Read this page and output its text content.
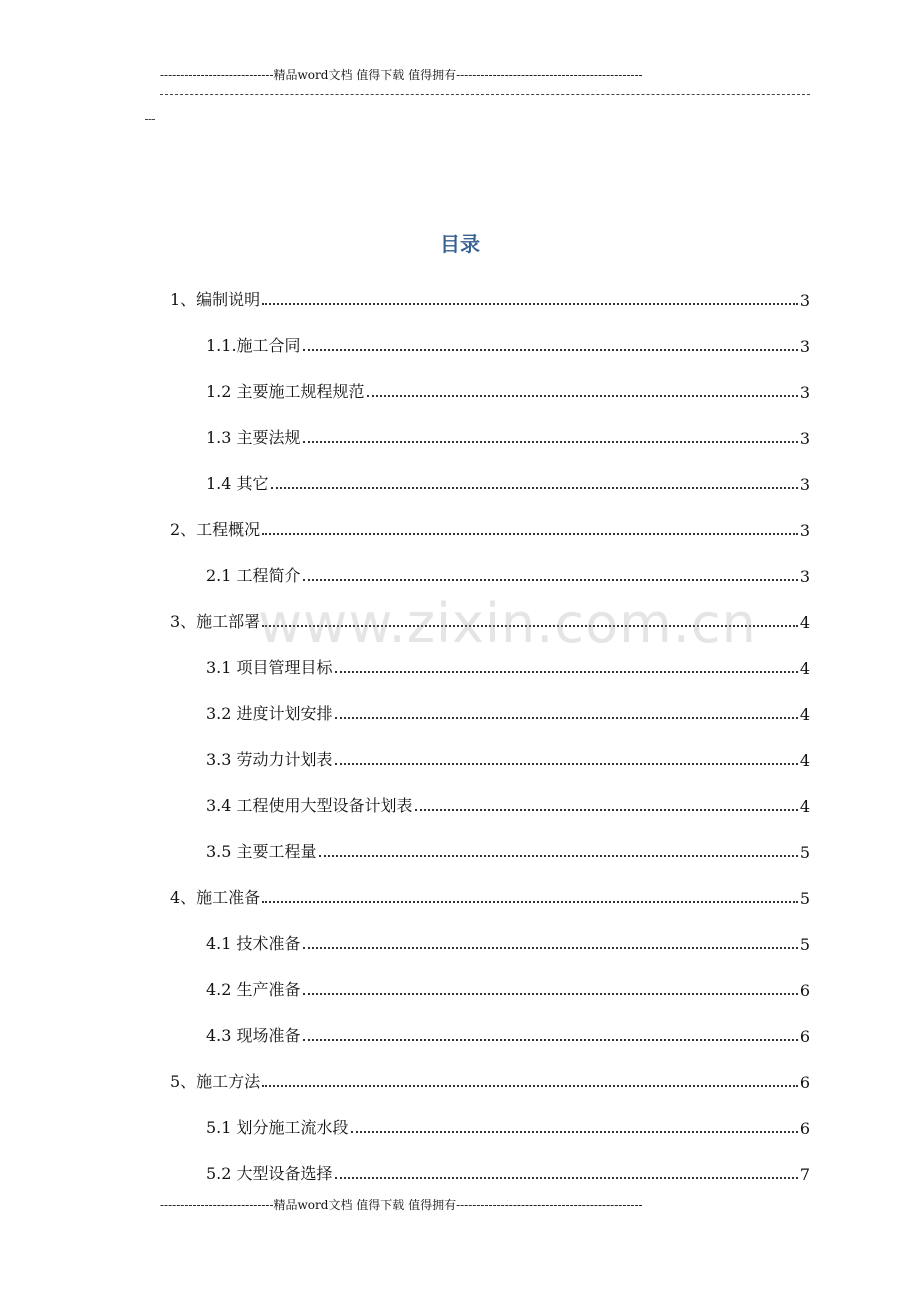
----------------------------精品word文档 值得下载 值得拥有----------------------------------------------
目录
1、编制说明	3
1.1.施工合同	3
1.2 主要施工规程规范	3
1.3 主要法规	3
1.4 其它	3
2、工程概况	3
2.1 工程简介	3
3、施工部署	4
3.1 项目管理目标	4
3.2 进度计划安排	4
3.3 劳动力计划表	4
3.4 工程使用大型设备计划表	4
3.5 主要工程量	5
4、施工准备	5
4.1 技术准备	5
4.2 生产准备	6
4.3 现场准备	6
5、施工方法	6
5.1 划分施工流水段	6
5.2 大型设备选择	7
www.zixin.com.cn
----------------------------精品word文档 值得下载 值得拥有----------------------------------------------
